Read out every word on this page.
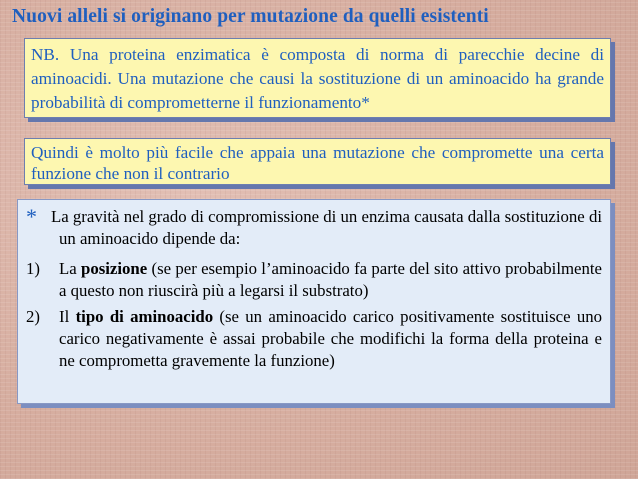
Nuovi alleli si originano per mutazione da quelli esistenti
NB. Una proteina enzimatica è composta di norma di parecchie decine di aminoacidi. Una mutazione che causi la sostituzione di un aminoacido ha grande probabilità di comprometterne il funzionamento*
Quindi è molto più facile che appaia una mutazione che compromette una certa funzione che non il contrario
* La gravità nel grado di compromissione di un enzima causata dalla sostituzione di un aminoacido dipende da:
1)	La posizione (se per esempio l’aminoacido fa parte del sito attivo probabilmente a questo non riuscirà più a legarsi il substrato)
2)	Il tipo di aminoacido (se un aminoacido carico positivamente sostituisce uno carico negativamente è assai probabile che modifichi la forma della proteina e ne comprometta gravemente la funzione)
